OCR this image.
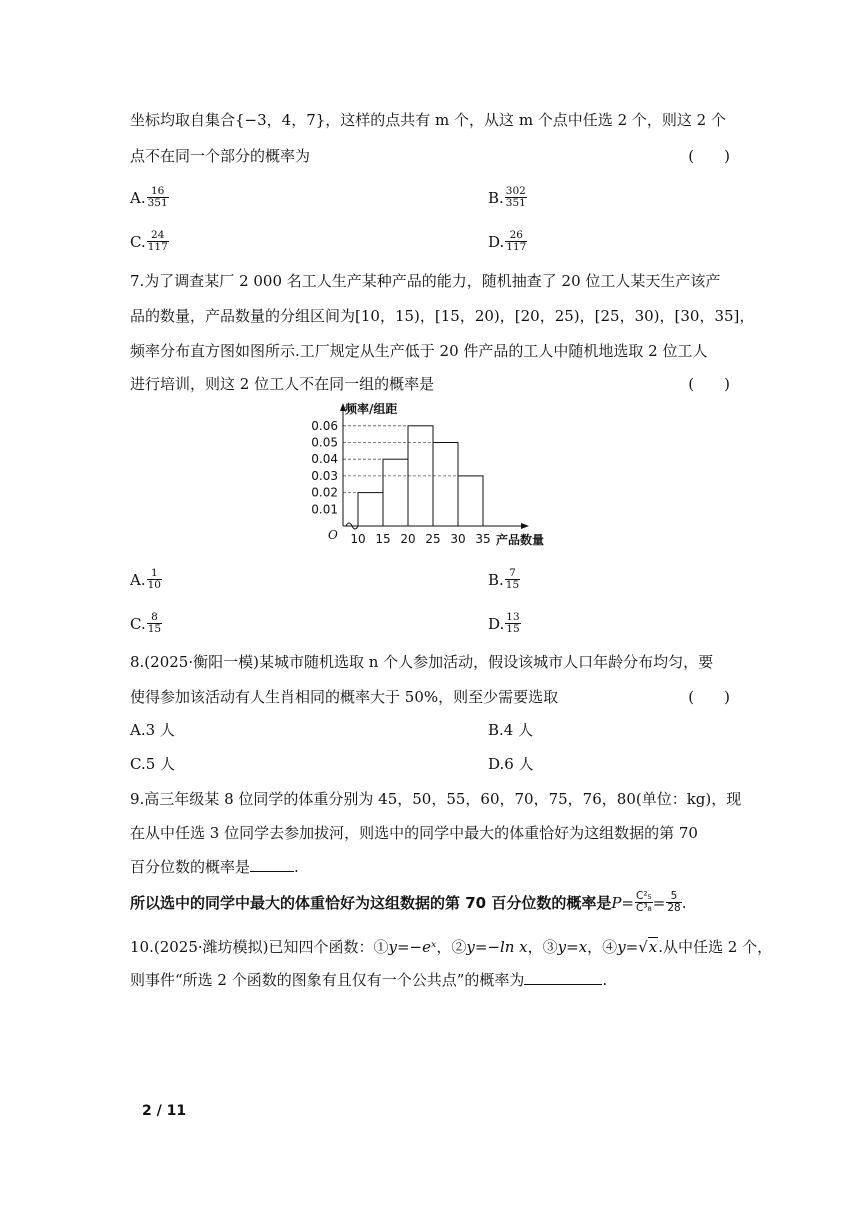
坐标均取自集合{−3，4，7}，这样的点共有 m 个，从这 m 个点中任选 2 个，则这 2 个
点不在同一个部分的概率为	(　　)
A. $\frac{16}{351}$	B. $\frac{302}{351}$
C. $\frac{24}{117}$	D. $\frac{26}{117}$
7.为了调查某厂 2 000 名工人生产某种产品的能力，随机抽查了 20 位工人某天生产该产
品的数量，产品数量的分组区间为[10，15)，[15，20)，[20，25)，[25，30)，[30，35]，
频率分布直方图如图所示.工厂规定从生产低于 20 件产品的工人中随机地选取 2 位工人
进行培训，则这 2 位工人不在同一组的概率是	(　　)
频率/组距
产品数量
O
0.01
0.02
0.03
0.04
0.05
0.06
10 15 20 25 30 35
A. $\frac{1}{10}$	B. $\frac{7}{15}$
C. $\frac{8}{15}$	D. $\frac{13}{15}$
8.(2025·衡阳一模)某城市随机选取 n 个人参加活动，假设该城市人口年龄分布均匀，要
使得参加该活动有人生肖相同的概率大于 50%，则至少需要选取	(　　)
A.3 人	B.4 人
C.5 人	D.6 人
9.高三年级某 8 位同学的体重分别为 45，50，55，60，70，75，76，80(单位：kg)，现
在从中任选 3 位同学去参加拔河，则选中的同学中最大的体重恰好为这组数据的第 70
百分位数的概率是	.
所以选中的同学中最大的体重恰好为这组数据的第 70 百分位数的概率是 $P = \frac{\text{C²₅}}{\text{C³₈}} = \frac{5}{28}$ .
10.(2025·潍坊模拟)已知四个函数：①y=−eˣ，②y=−ln x，③y=x，④y=√x.从中任选 2 个，
则事件“所选 2 个函数的图象有且仅有一个公共点”的概率为	.
2 / 11
